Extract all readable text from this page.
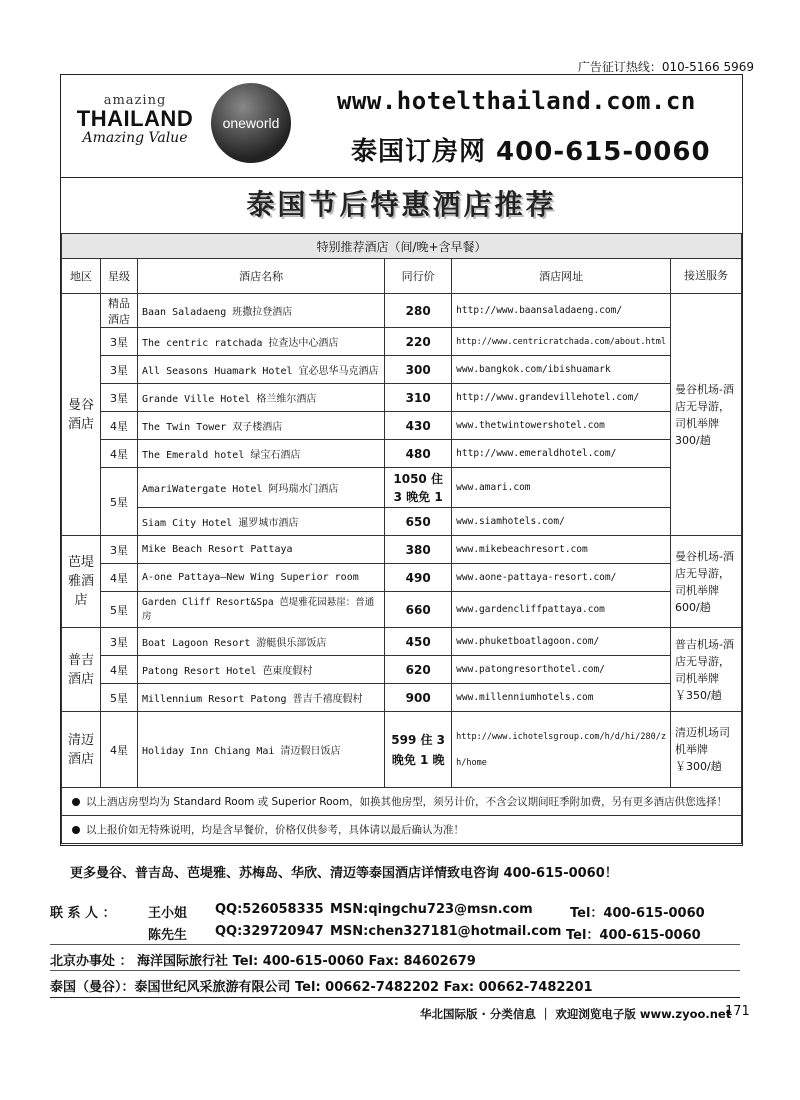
广告征订热线：010-5166 5969
amazing
THAILAND
Amazing Value
oneworld
www.hotelthailand.com.cn
泰国订房网 400-615-0060
泰国节后特惠酒店推荐
特别推荐酒店（间/晚+含早餐）					
地区	星级	酒店名称	同行价	酒店网址	接送服务
曼谷酒店	精品酒店	Baan Saladaeng 班撒拉登酒店	280	http://www.baansaladaeng.com/	曼谷机场-酒店无导游，司机举牌 300/趟
	3星	The centric ratchada 拉查达中心酒店	220	http://www.centricratchada.com/about.html	
	3星	All Seasons Huamark Hotel 宜必思华马克酒店	300	www.bangkok.com/ibishuamark	
	3星	Grande Ville Hotel 格兰维尔酒店	310	http://www.grandevillehotel.com/	
	4星	The Twin Tower 双子楼酒店	430	www.thetwintowershotel.com	
	4星	The Emerald hotel 绿宝石酒店	480	http://www.emeraldhotel.com/	
	5星	AmariWatergate Hotel 阿玛瑞水门酒店	1050 住 3 晚免 1	www.amari.com	
		Siam City Hotel 暹罗城市酒店	650	www.siamhotels.com/	
芭堤雅酒店	3星	Mike Beach Resort Pattaya	380	www.mikebeachresort.com	曼谷机场-酒店无导游，司机举牌 600/趟
	4星	A-one Pattaya—New Wing Superior room	490	www.aone-pattaya-resort.com/	
	5星	Garden Cliff Resort&Spa 芭堤雅花园悬崖：普通房	660	www.gardencliffpattaya.com	
普吉酒店	3星	Boat Lagoon Resort 游艇俱乐部饭店	450	www.phuketboatlagoon.com/	普吉机场-酒店无导游，司机举牌￥350/趟
	4星	Patong Resort Hotel 芭東度假村	620	www.patongresorthotel.com/	
	5星	Millennium Resort Patong 普吉千禧度假村	900	www.millenniumhotels.com	
清迈酒店	4星	Holiday Inn Chiang Mai 清迈假日饭店	599 住 3 晚免 1 晚	http://www.ichotelsgroup.com/h/d/hi/280/zh/home	清迈机场司机举牌￥300/趟
以上酒店房型均为 Standard Room 或 Superior Room，如换其他房型，须另计价，不含会议期间旺季附加费，另有更多酒店供您选择！					
以上报价如无特殊说明，均是含早餐价，价格仅供参考，具体请以最后确认为准！					
更多曼谷、普吉岛、芭堤雅、苏梅岛、华欣、清迈等泰国酒店详情致电咨询 400-615-0060！
联 系 人 ： 王小姐 QQ:526058335 MSN:qingchu723@msn.com	Tel：400-615-0060
陈先生 QQ:329720947 MSN:chen327181@hotmail.com Tel：400-615-0060
北京办事处 ： 海洋国际旅行社 Tel: 400-615-0060 Fax: 84602679
泰国（曼谷）：泰国世纪风采旅游有限公司 Tel: 00662-7482202 Fax: 00662-7482201
华北国际版 · 分类信息 ｜ 欢迎浏览电子版 www.zyoo.net
171
